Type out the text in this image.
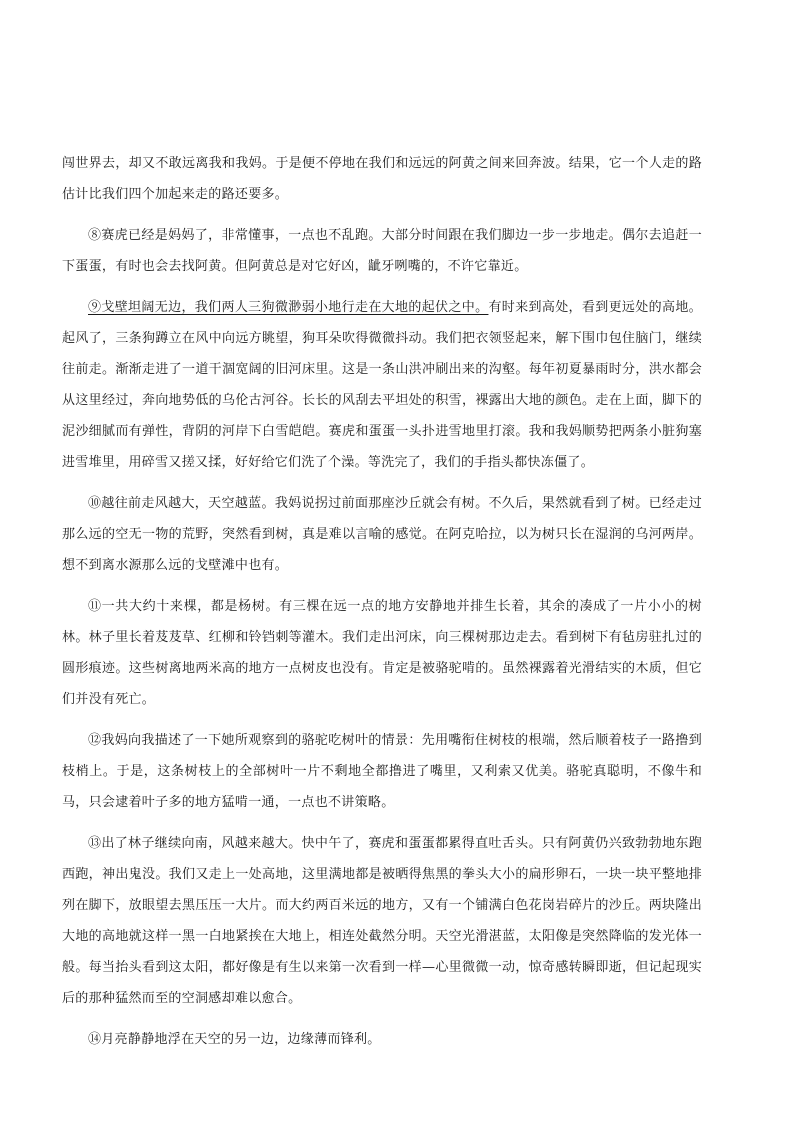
闯世界去，却又不敢远离我和我妈。于是便不停地在我们和远远的阿黄之间来回奔波。结果，它一个人走的路估计比我们四个加起来走的路还要多。

⑧赛虎已经是妈妈了，非常懂事，一点也不乱跑。大部分时间跟在我们脚边一步一步地走。偶尔去追赶一下蛋蛋，有时也会去找阿黄。但阿黄总是对它好凶，龇牙咧嘴的，不许它靠近。

⑨戈壁坦阔无边，我们两人三狗微渺弱小地行走在大地的起伏之中。有时来到高处，看到更远处的高地。起风了，三条狗蹲立在风中向远方眺望，狗耳朵吹得微微抖动。我们把衣领竖起来，解下围巾包住脑门，继续往前走。渐渐走进了一道干涸宽阔的旧河床里。这是一条山洪冲刷出来的沟壑。每年初夏暴雨时分，洪水都会从这里经过，奔向地势低的乌伦古河谷。长长的风刮去平坦处的积雪，裸露出大地的颜色。走在上面，脚下的泥沙细腻而有弹性，背阴的河岸下白雪皑皑。赛虎和蛋蛋一头扑进雪地里打滚。我和我妈顺势把两条小脏狗塞进雪堆里，用碎雪又搓又揉，好好给它们洗了个澡。等洗完了，我们的手指头都快冻僵了。

⑩越往前走风越大，天空越蓝。我妈说拐过前面那座沙丘就会有树。不久后，果然就看到了树。已经走过那么远的空无一物的荒野，突然看到树，真是难以言喻的感觉。在阿克哈拉，以为树只长在湿润的乌河两岸。想不到离水源那么远的戈壁滩中也有。

⑪一共大约十来棵，都是杨树。有三棵在远一点的地方安静地并排生长着，其余的凑成了一片小小的树林。林子里长着芨芨草、红柳和铃铛刺等灌木。我们走出河床，向三棵树那边走去。看到树下有毡房驻扎过的圆形痕迹。这些树离地两米高的地方一点树皮也没有。肯定是被骆驼啃的。虽然裸露着光滑结实的木质，但它们并没有死亡。

⑫我妈向我描述了一下她所观察到的骆驼吃树叶的情景：先用嘴衔住树枝的根端，然后顺着枝子一路撸到枝梢上。于是，这条树枝上的全部树叶一片不剩地全都撸进了嘴里，又利索又优美。骆驼真聪明，不像牛和马，只会逮着叶子多的地方猛啃一通，一点也不讲策略。

⑬出了林子继续向南，风越来越大。快中午了，赛虎和蛋蛋都累得直吐舌头。只有阿黄仍兴致勃勃地东跑西跑，神出鬼没。我们又走上一处高地，这里满地都是被晒得焦黑的拳头大小的扁形卵石，一块一块平整地排列在脚下，放眼望去黑压压一大片。而大约两百米远的地方，又有一个铺满白色花岗岩碎片的沙丘。两块隆出大地的高地就这样一黑一白地紧挨在大地上，相连处截然分明。天空光滑湛蓝，太阳像是突然降临的发光体一般。每当抬头看到这太阳，都好像是有生以来第一次看到一样—心里微微一动，惊奇感转瞬即逝，但记起现实后的那种猛然而至的空洞感却难以愈合。

⑭月亮静静地浮在天空的另一边，边缘薄而锋利。
